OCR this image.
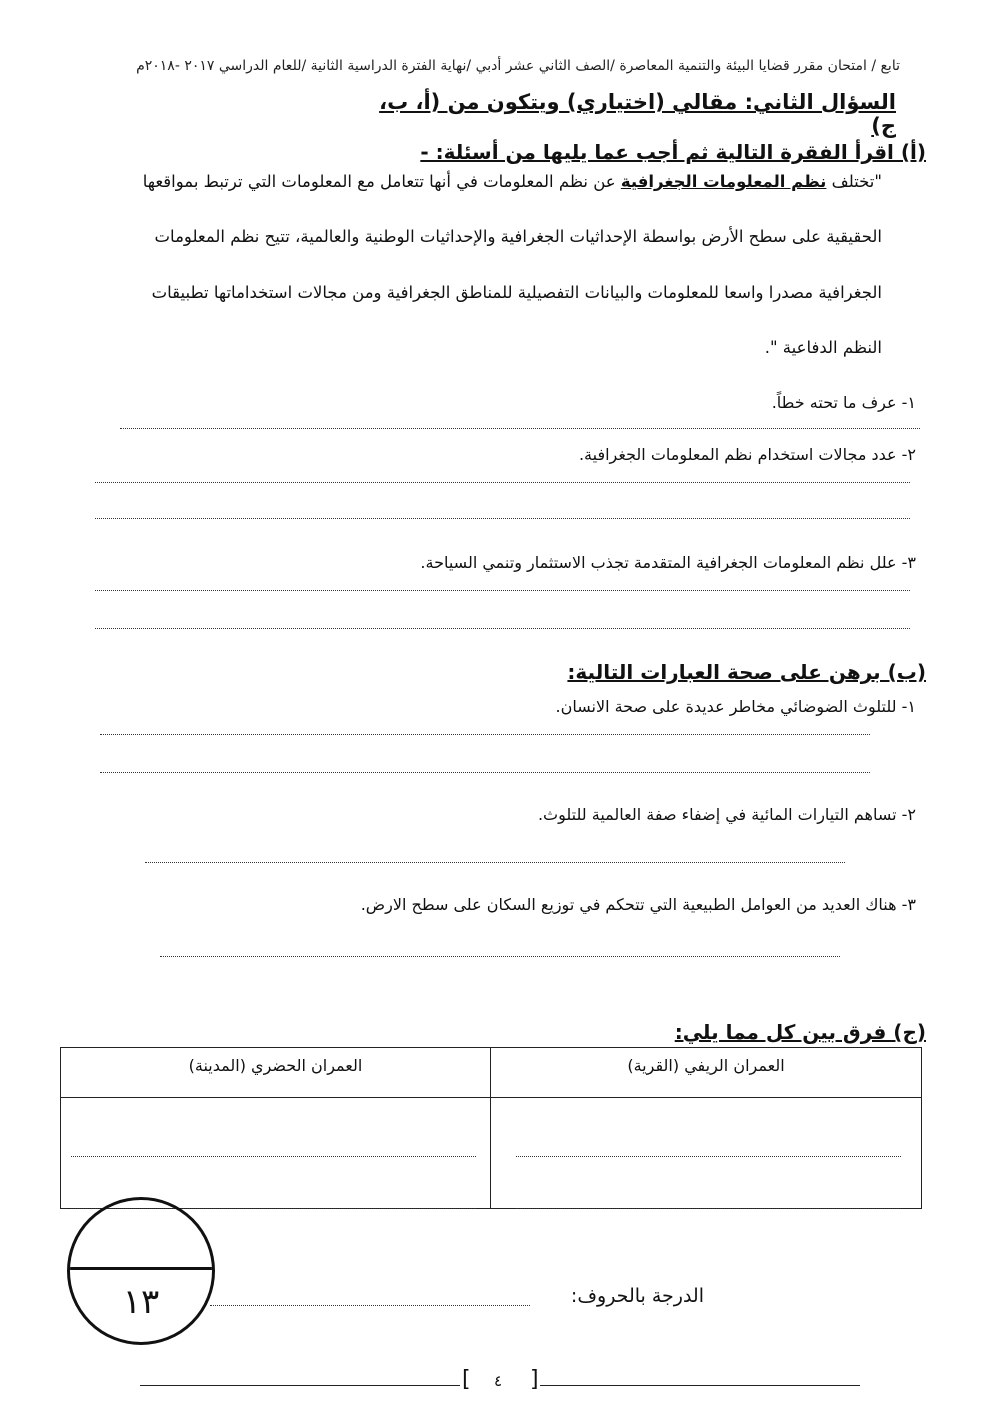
تابع / امتحان مقرر قضايا البيئة والتنمية المعاصرة /الصف الثاني عشر أدبي /نهاية الفترة الدراسية الثانية /للعام الدراسي ٢٠١٧ -٢٠١٨م
السؤال الثاني: مقالي (اختياري) ويتكون من (أ، ب، ج)
(أ) اقرأ الفقرة التالية ثم أجب عما يليها من أسئلة: -
"تختلف نظم المعلومات الجغرافية عن نظم المعلومات في أنها تتعامل مع المعلومات التي ترتبط بمواقعها
الحقيقية على سطح الأرض بواسطة الإحداثيات الجغرافية والإحداثيات الوطنية والعالمية، تتيح نظم المعلومات
الجغرافية مصدرا واسعا للمعلومات والبيانات التفصيلية للمناطق الجغرافية ومن مجالات استخداماتها تطبيقات
النظم الدفاعية ".
١- عرف ما تحته خطاً.
٢- عدد مجالات استخدام نظم المعلومات الجغرافية.
٣- علل نظم المعلومات الجغرافية المتقدمة تجذب الاستثمار وتنمي السياحة.
(ب) برهن على صحة العبارات التالية:
١- للتلوث الضوضائي مخاطر عديدة على صحة الانسان.
٢- تساهم التيارات المائية في إضفاء صفة العالمية للتلوث.
٣- هناك العديد من العوامل الطبيعية التي تتحكم في توزيع السكان على سطح الارض.
(ج) فرق بين كل مما يلي:
العمران الريفي (القرية)	العمران الحضري (المدينة)

١٣	الدرجة بالحروف:
[ ٤ ]
